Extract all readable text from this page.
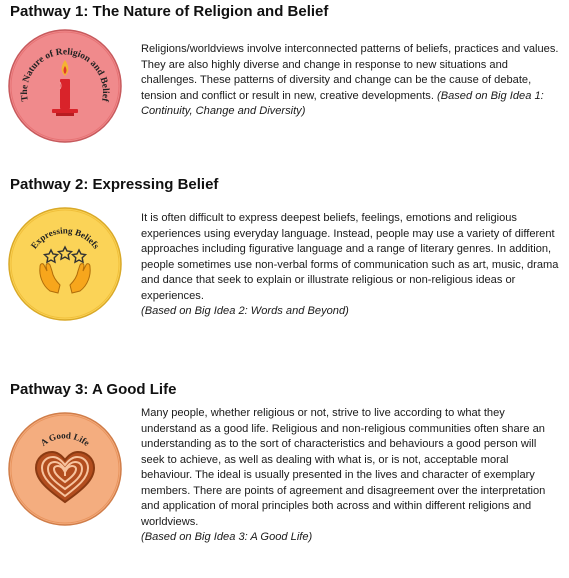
Pathway 1: The Nature of Religion and Belief
The Nature of Religion and Belief

Religions/worldviews involve interconnected patterns of beliefs, practices and values. They are also highly diverse and change in response to new situations and challenges. These patterns of diversity and change can be the cause of debate, tension and conflict or result in new, creative developments. (Based on Big Idea 1: Continuity, Change and Diversity)

Pathway 2: Expressing Belief
Expressing Beliefs

It is often difficult to express deepest beliefs, feelings, emotions and religious experiences using everyday language. Instead, people may use a variety of different approaches including figurative language and a range of literary genres. In addition, people sometimes use non-verbal forms of communication such as art, music, drama and dance that seek to explain or illustrate religious or non-religious ideas or experiences.
(Based on Big Idea 2: Words and Beyond)

Pathway 3: A Good Life
A Good Life

Many people, whether religious or not, strive to live according to what they understand as a good life. Religious and non-religious communities often share an understanding as to the sort of characteristics and behaviours a good person will seek to achieve, as well as dealing with what is, or is not, acceptable moral behaviour. The ideal is usually presented in the lives and character of exemplary members. There are points of agreement and disagreement over the interpretation and application of moral principles both across and within different religions and worldviews.
(Based on Big Idea 3: A Good Life)
